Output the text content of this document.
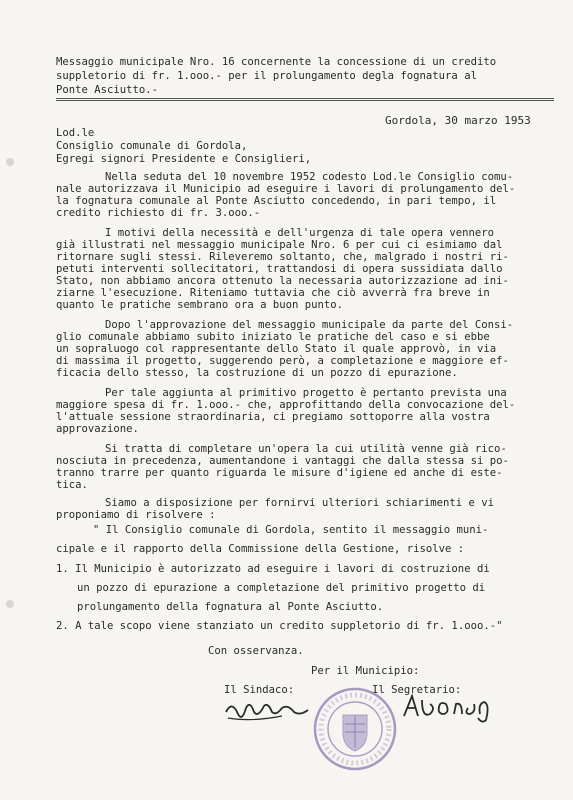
Messaggio municipale Nro. 16 concernente la concessione di un credito
suppletorio di fr. 1.ooo.- per il prolungamento degla fognatura al
Ponte Asciutto.-
Gordola, 30 marzo 1953
Lod.le
Consiglio comunale di Gordola,
Egregi signori Presidente e Consiglieri,
Nella seduta del 10 novembre 1952 codesto Lod.le Consiglio comu-
nale autorizzava il Municipio ad eseguire i lavori di prolungamento del-
la fognatura comunale al Ponte Asciutto concedendo, in pari tempo, il
credito richiesto di fr. 3.ooo.-
I motivi della necessità e dell'urgenza di tale opera vennero
già illustrati nel messaggio municipale Nro. 6 per cui ci esimiamo dal
ritornare sugli stessi. Rileveremo soltanto, che, malgrado i nostri ri-
petuti interventi sollecitatori, trattandosi di opera sussidiata dallo
Stato, non abbiamo ancora ottenuto la necessaria autorizzazione ad ini-
ziarne l'esecuzione. Riteniamo tuttavia che ciò avverrà fra breve in
quanto le pratiche sembrano ora a buon punto.
Dopo l'approvazione del messaggio municipale da parte del Consi-
glio comunale abbiamo subito iniziato le pratiche del caso e si ebbe
un sopraluogo col rappresentante dello Stato il quale approvò, in via
di massima il progetto, suggerendo però, a completazione e maggiore ef-
ficacia dello stesso, la costruzione di un pozzo di epurazione.
Per tale aggiunta al primitivo progetto è pertanto prevista una
maggiore spesa di fr. 1.ooo.- che, approfittando della convocazione del-
l'attuale sessione straordinaria, ci pregiamo sottoporre alla vostra
approvazione.
Si tratta di completare un'opera la cui utilità venne già rico-
nosciuta in precedenza, aumentandone i vantaggi che dalla stessa si po-
tranno trarre per quanto riguarda le misure d'igiene ed anche di este-
tica.
Siamo a disposizione per fornirvi ulteriori schiarimenti e vi
proponiamo di risolvere :
" Il Consiglio comunale di Gordola, sentito il messaggio muni-
cipale e il rapporto della Commissione della Gestione, risolve :
1. Il Municipio è autorizzato ad eseguire i lavori di costruzione di
un pozzo di epurazione a completazione del primitivo progetto di
prolungamento della fognatura al Ponte Asciutto.
2. A tale scopo viene stanziato un credito suppletorio di fr. 1.ooo.-"
Con osservanza.
Per il Municipio:
Il Sindaco:	Il Segretario:
